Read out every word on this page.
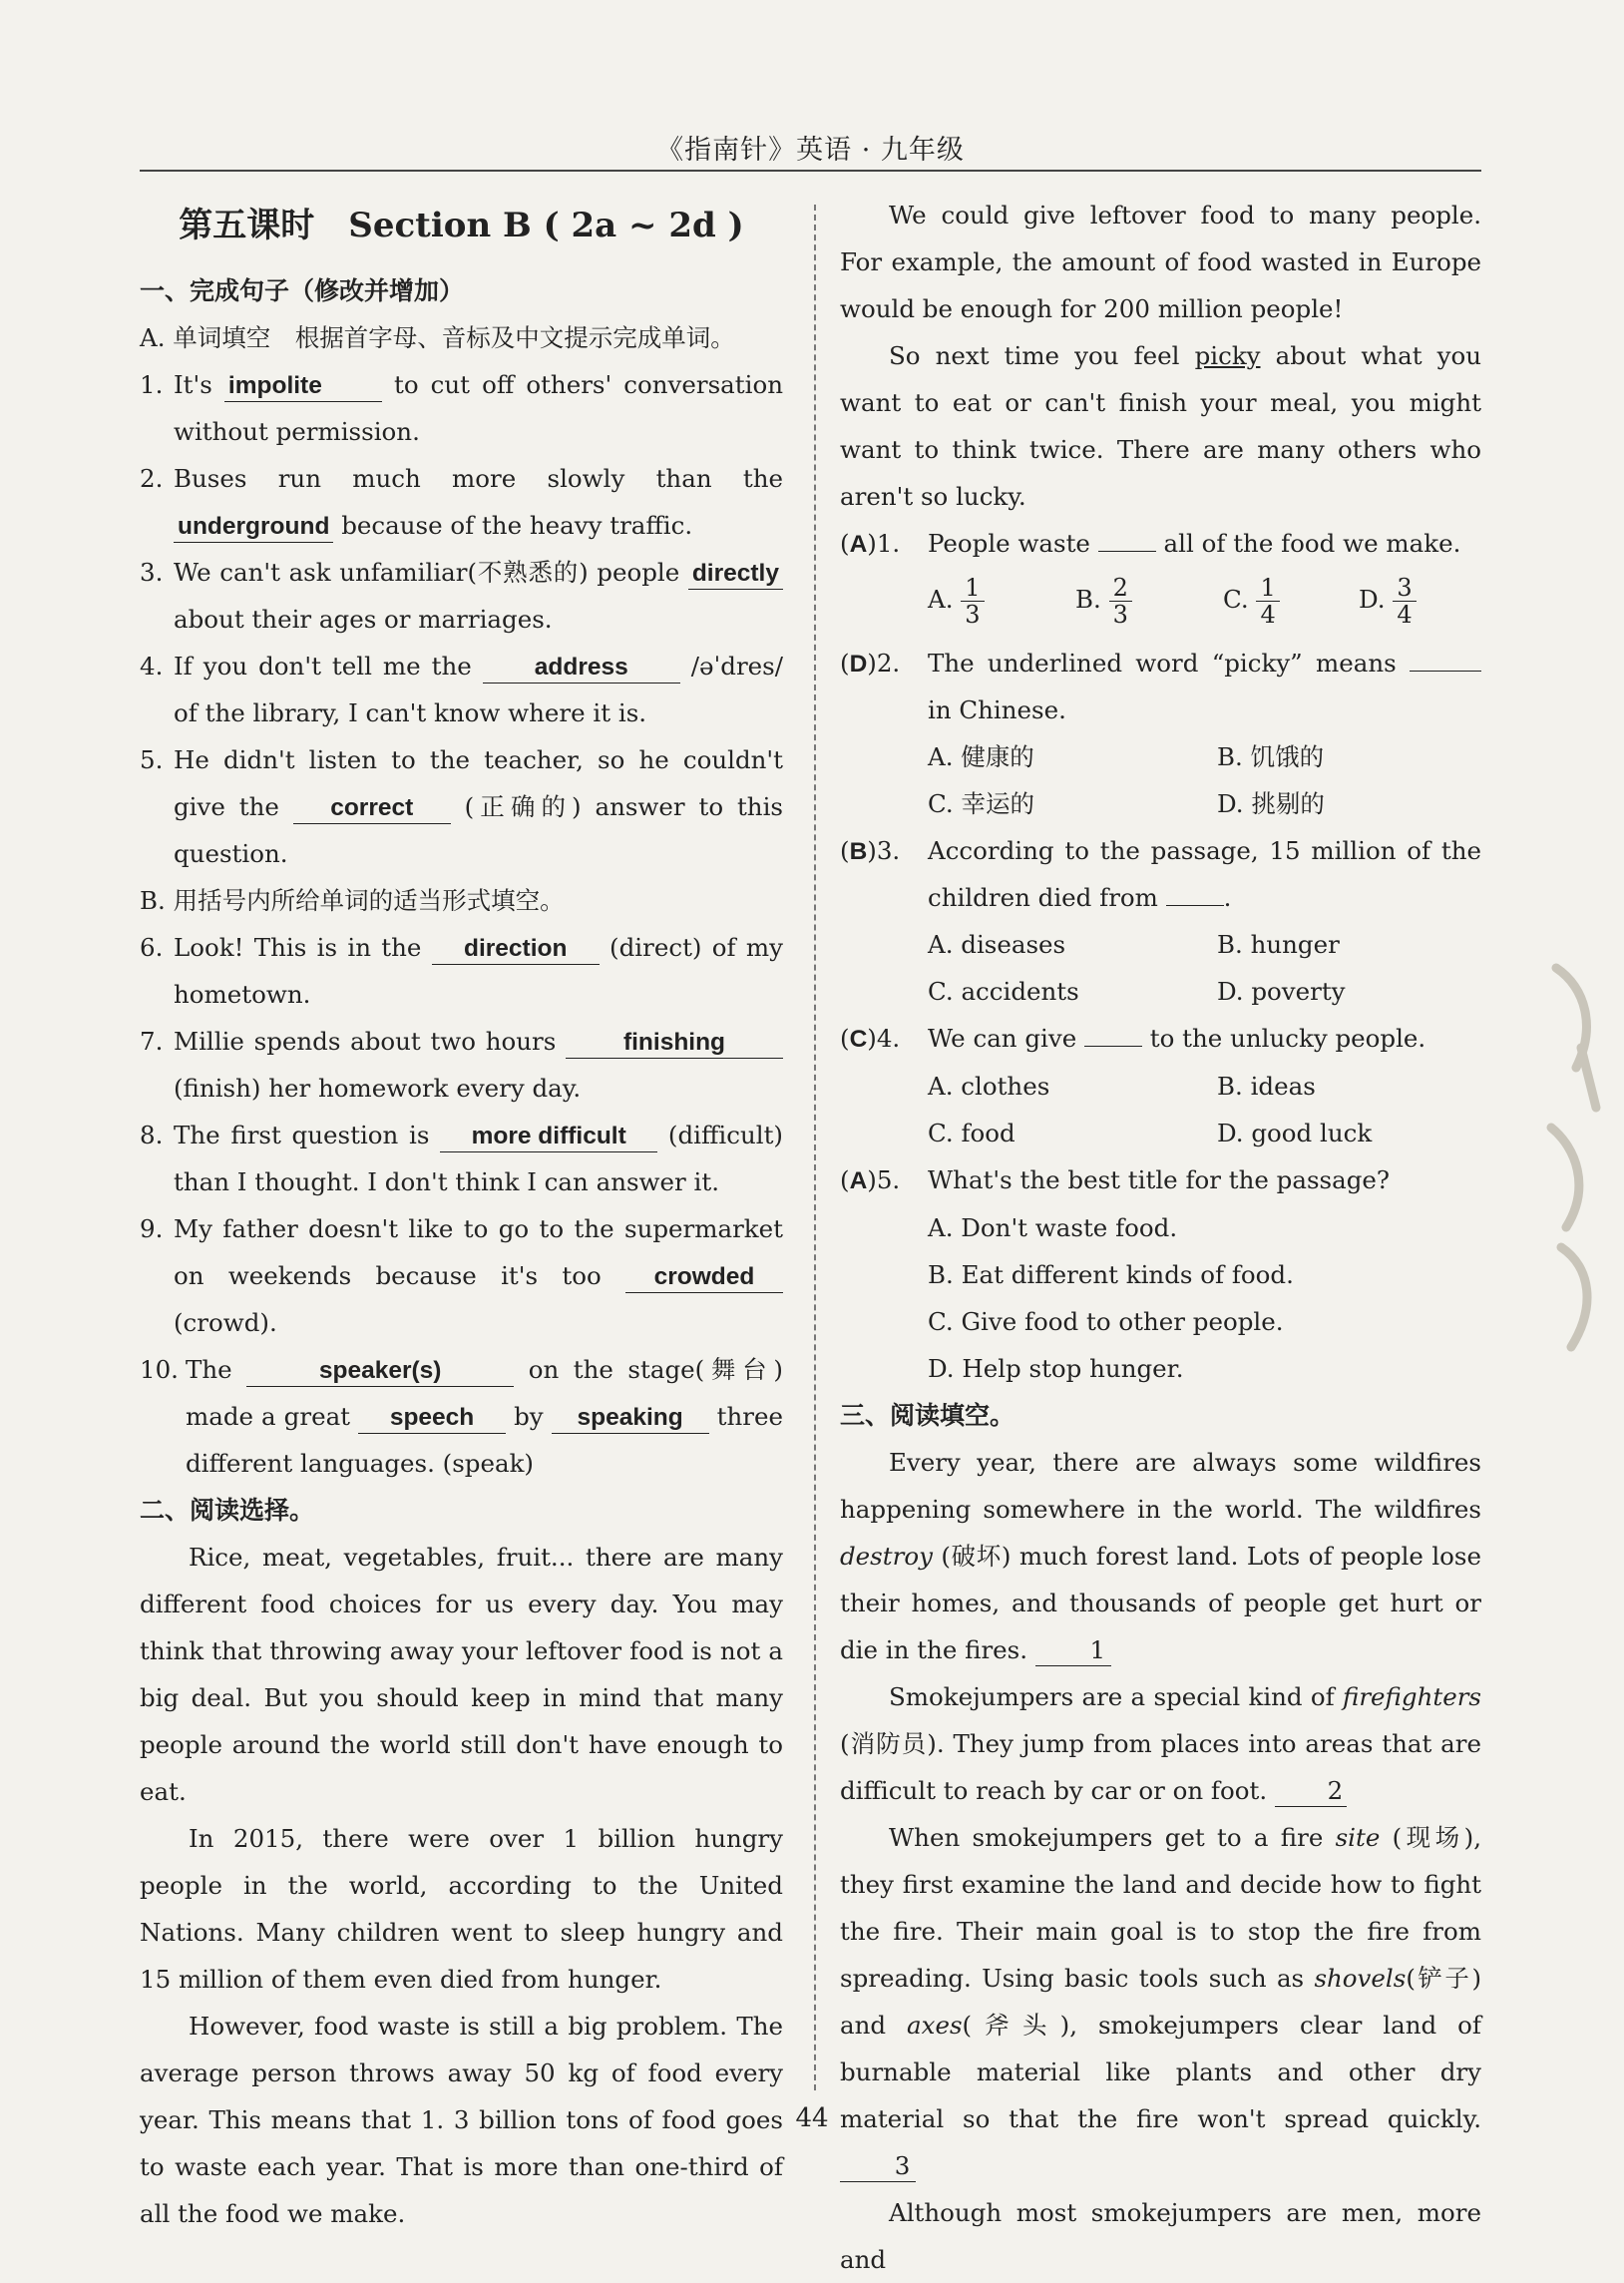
《指南针》英语 · 九年级
第五课时　Section B ( 2a ~ 2d )
一、完成句子（修改并增加）
A. 单词填空　根据首字母、音标及中文提示完成单词。
1. It's impolite to cut off others' conversation without permission.
2. Buses run much more slowly than the underground because of the heavy traffic.
3. We can't ask unfamiliar(不熟悉的) people directly about their ages or marriages.
4. If you don't tell me the address /əˈdres/ of the library, I can't know where it is.
5. He didn't listen to the teacher, so he couldn't give the correct (正确的) answer to this question.
B. 用括号内所给单词的适当形式填空。
6. Look! This is in the direction (direct) of my hometown.
7. Millie spends about two hours finishing (finish) her homework every day.
8. The first question is more difficult (difficult) than I thought. I don't think I can answer it.
9. My father doesn't like to go to the supermarket on weekends because it's too crowded (crowd).
10. The	speaker(s)	on the stage(舞台) made a great speech by speaking three different languages. (speak)
二、阅读选择。
Rice, meat, vegetables, fruit... there are many different food choices for us every day. You may think that throwing away your leftover food is not a big deal. But you should keep in mind that many people around the world still don't have enough to eat.
In 2015, there were over 1 billion hungry people in the world, according to the United Nations. Many children went to sleep hungry and 15 million of them even died from hunger.
However, food waste is still a big problem. The average person throws away 50 kg of food every year. This means that 1. 3 billion tons of food goes to waste each year. That is more than one-third of all the food we make.
We could give leftover food to many people. For example, the amount of food wasted in Europe would be enough for 200 million people!
So next time you feel picky about what you want to eat or can't finish your meal, you might want to think twice. There are many others who aren't so lucky.
(A)1.	People waste  all of the food we make.
A. $\frac{1}{3}$	B. $\frac{2}{3}$	C. $\frac{1}{4}$	D. $\frac{3}{4}$
(D)2.	The underlined word “picky” means  in Chinese.
A. 健康的	B. 饥饿的
C. 幸运的	D. 挑剔的
(B)3.	According to the passage, 15 million of the children died from .
A. diseases	B. hunger
C. accidents	D. poverty
(C)4.	We can give  to the unlucky people.
A. clothes	B. ideas
C. food	D. good luck
(A)5.	What's the best title for the passage?
A. Don't waste food.
B. Eat different kinds of food.
C. Give food to other people.
D. Help stop hunger.
三、阅读填空。
Every year, there are always some wildfires happening somewhere in the world. The wildfires destroy (破坏) much forest land. Lots of people lose their homes, and thousands of people get hurt or die in the fires. 1
Smokejumpers are a special kind of firefighters (消防员). They jump from places into areas that are difficult to reach by car or on foot. 2
When smokejumpers get to a fire site (现场), they first examine the land and decide how to fight the fire. Their main goal is to stop the fire from spreading. Using basic tools such as shovels(铲子) and axes(斧头), smokejumpers clear land of burnable material like plants and other dry material so that the fire won't spread quickly. 3
Although most smokejumpers are men, more and
44
